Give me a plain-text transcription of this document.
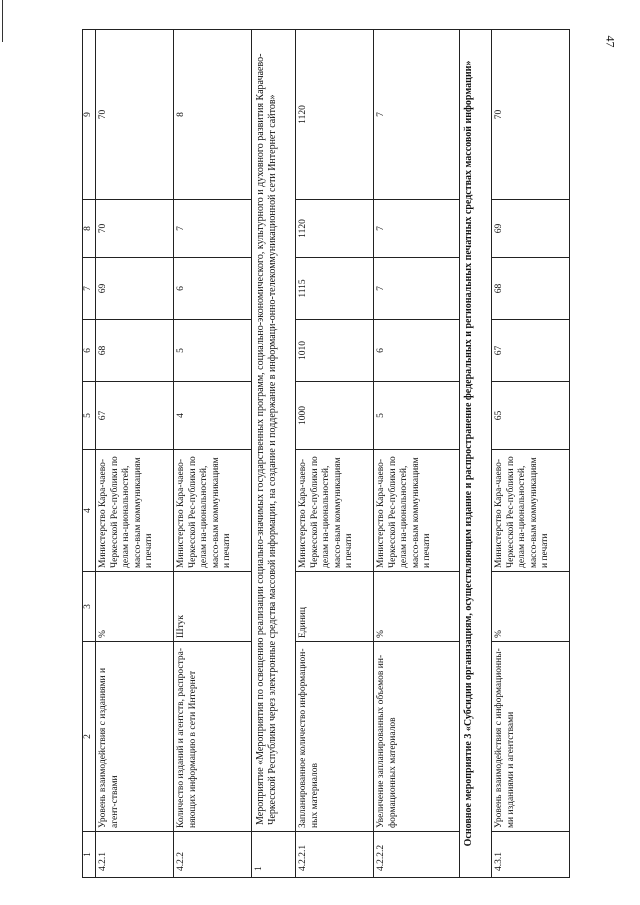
47
1	2	3	4	5	6	7	8	9
4.2.1	Уровень взаимодействия с изданиями и агент-ствами	%	Министерство Кара-чаево-Черкесской Рес-публики по делам на-циональностей, массо-вым коммуникациям и печати	67	68	69	70	70
4.2.2	Количество изданий и агентств, распростра-няющих информацию в сети Интернет	Штук	Министерство Кара-чаево-Черкесской Рес-публики по делам на-циональностей, массо-вым коммуникациям и печати	4	5	6	7	8
1	Мероприятие «Мероприятия по освещению реализации социально-значимых государственных программ, социально-экономического, культурного и духовного развития Карачаево-Черкесской Республики через электронные средства массовой информации, на создание и поддержание в информаци-онно-телекоммуникационной сети Интернет сайтов»							
4.2.2.1	Запланированное количество информацион-ных материалов	Единиц	Министерство Кара-чаево-Черкесской Рес-публики по делам на-циональностей, массо-вым коммуникациям и печати	1000	1010	1115	1120	1120
4.2.2.2	Увеличение запланированных объемов ин-формационных материалов	%	Министерство Кара-чаево-Черкесской Рес-публики по делам на-циональностей, массо-вым коммуникациям и печати	5	6	7	7	7
Основное мероприятие 3 «Субсидии организациям, осуществляющим издание и распространение федеральных и региональных печатных средствах массовой информации»								
4.3.1	Уровень взаимодействия с информационны-ми изданиями и агентствами	%	Министерство Кара-чаево-Черкесской Рес-публики по делам на-циональностей, массо-вым коммуникациям и печати	65	67	68	69	70
